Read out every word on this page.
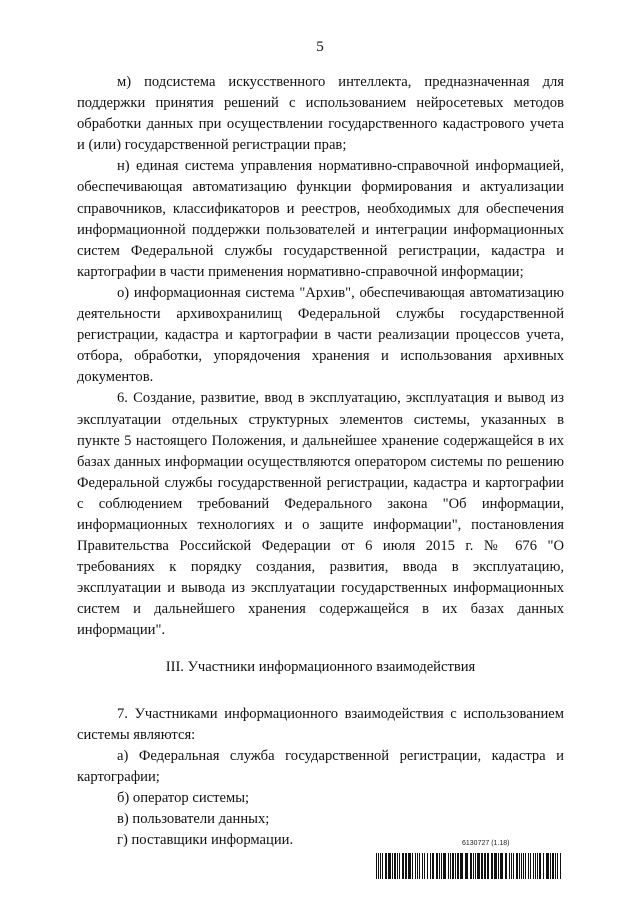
5

м) подсистема искусственного интеллекта, предназначенная для поддержки принятия решений с использованием нейросетевых методов обработки данных при осуществлении государственного кадастрового учета и (или) государственной регистрации прав;

н) единая система управления нормативно-справочной информацией, обеспечивающая автоматизацию функции формирования и актуализации справочников, классификаторов и реестров, необходимых для обеспечения информационной поддержки пользователей и интеграции информационных систем Федеральной службы государственной регистрации, кадастра и картографии в части применения нормативно-справочной информации;

о) информационная система "Архив", обеспечивающая автоматизацию деятельности архивохранилищ Федеральной службы государственной регистрации, кадастра и картографии в части реализации процессов учета, отбора, обработки, упорядочения хранения и использования архивных документов.

6. Создание, развитие, ввод в эксплуатацию, эксплуатация и вывод из эксплуатации отдельных структурных элементов системы, указанных в пункте 5 настоящего Положения, и дальнейшее хранение содержащейся в их базах данных информации осуществляются оператором системы по решению Федеральной службы государственной регистрации, кадастра и картографии с соблюдением требований Федерального закона "Об информации, информационных технологиях и о защите информации", постановления Правительства Российской Федерации от 6 июля 2015 г. № 676 "О требованиях к порядку создания, развития, ввода в эксплуатацию, эксплуатации и вывода из эксплуатации государственных информационных систем и дальнейшего хранения содержащейся в их базах данных информации".

III. Участники информационного взаимодействия

7. Участниками информационного взаимодействия с использованием системы являются:

а) Федеральная служба государственной регистрации, кадастра и картографии;

б) оператор системы;

в) пользователи данных;

г) поставщики информации.	6130727 (1.18)
